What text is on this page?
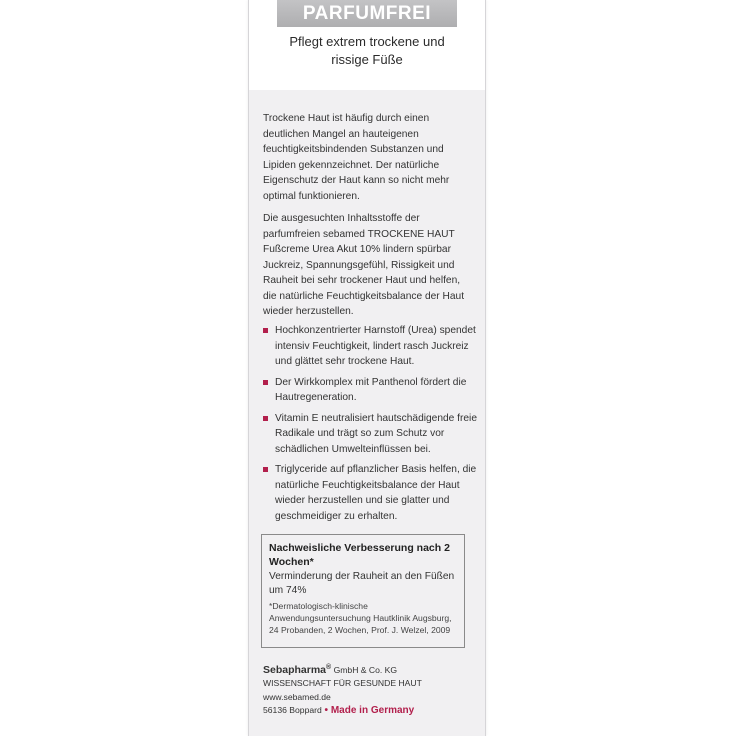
PARFUMFREI
Pflegt extrem trockene und
rissige Füße
Trockene Haut ist häufig durch einen deutlichen Mangel an hauteigenen feuchtigkeitsbindenden Substanzen und Lipiden gekennzeichnet. Der natürliche Eigenschutz der Haut kann so nicht mehr optimal funktionieren.
Die ausgesuchten Inhaltsstoffe der parfumfreien sebamed TROCKENE HAUT Fußcreme Urea Akut 10% lindern spürbar Juckreiz, Spannungsgefühl, Rissigkeit und Rauheit bei sehr trockener Haut und helfen, die natürliche Feuchtigkeitsbalance der Haut wieder herzustellen.
Hochkonzentrierter Harnstoff (Urea) spendet intensiv Feuchtigkeit, lindert rasch Juckreiz und glättet sehr trockene Haut.
Der Wirkkomplex mit Panthenol fördert die Hautregeneration.
Vitamin E neutralisiert hautschädigende freie Radikale und trägt so zum Schutz vor schädlichen Umwelteinflüssen bei.
Triglyceride auf pflanzlicher Basis helfen, die natürliche Feuchtigkeitsbalance der Haut wieder herzustellen und sie glatter und geschmeidiger zu erhalten.
Nachweisliche Verbesserung nach 2 Wochen*
Verminderung der Rauheit an den Füßen um 74%
*Dermatologisch-klinische Anwendungsuntersuchung Hautklinik Augsburg, 24 Probanden, 2 Wochen, Prof. J. Welzel, 2009
Sebapharma® GmbH & Co. KG
WISSENSCHAFT FÜR GESUNDE HAUT
www.sebamed.de
56136 Boppard • Made in Germany
